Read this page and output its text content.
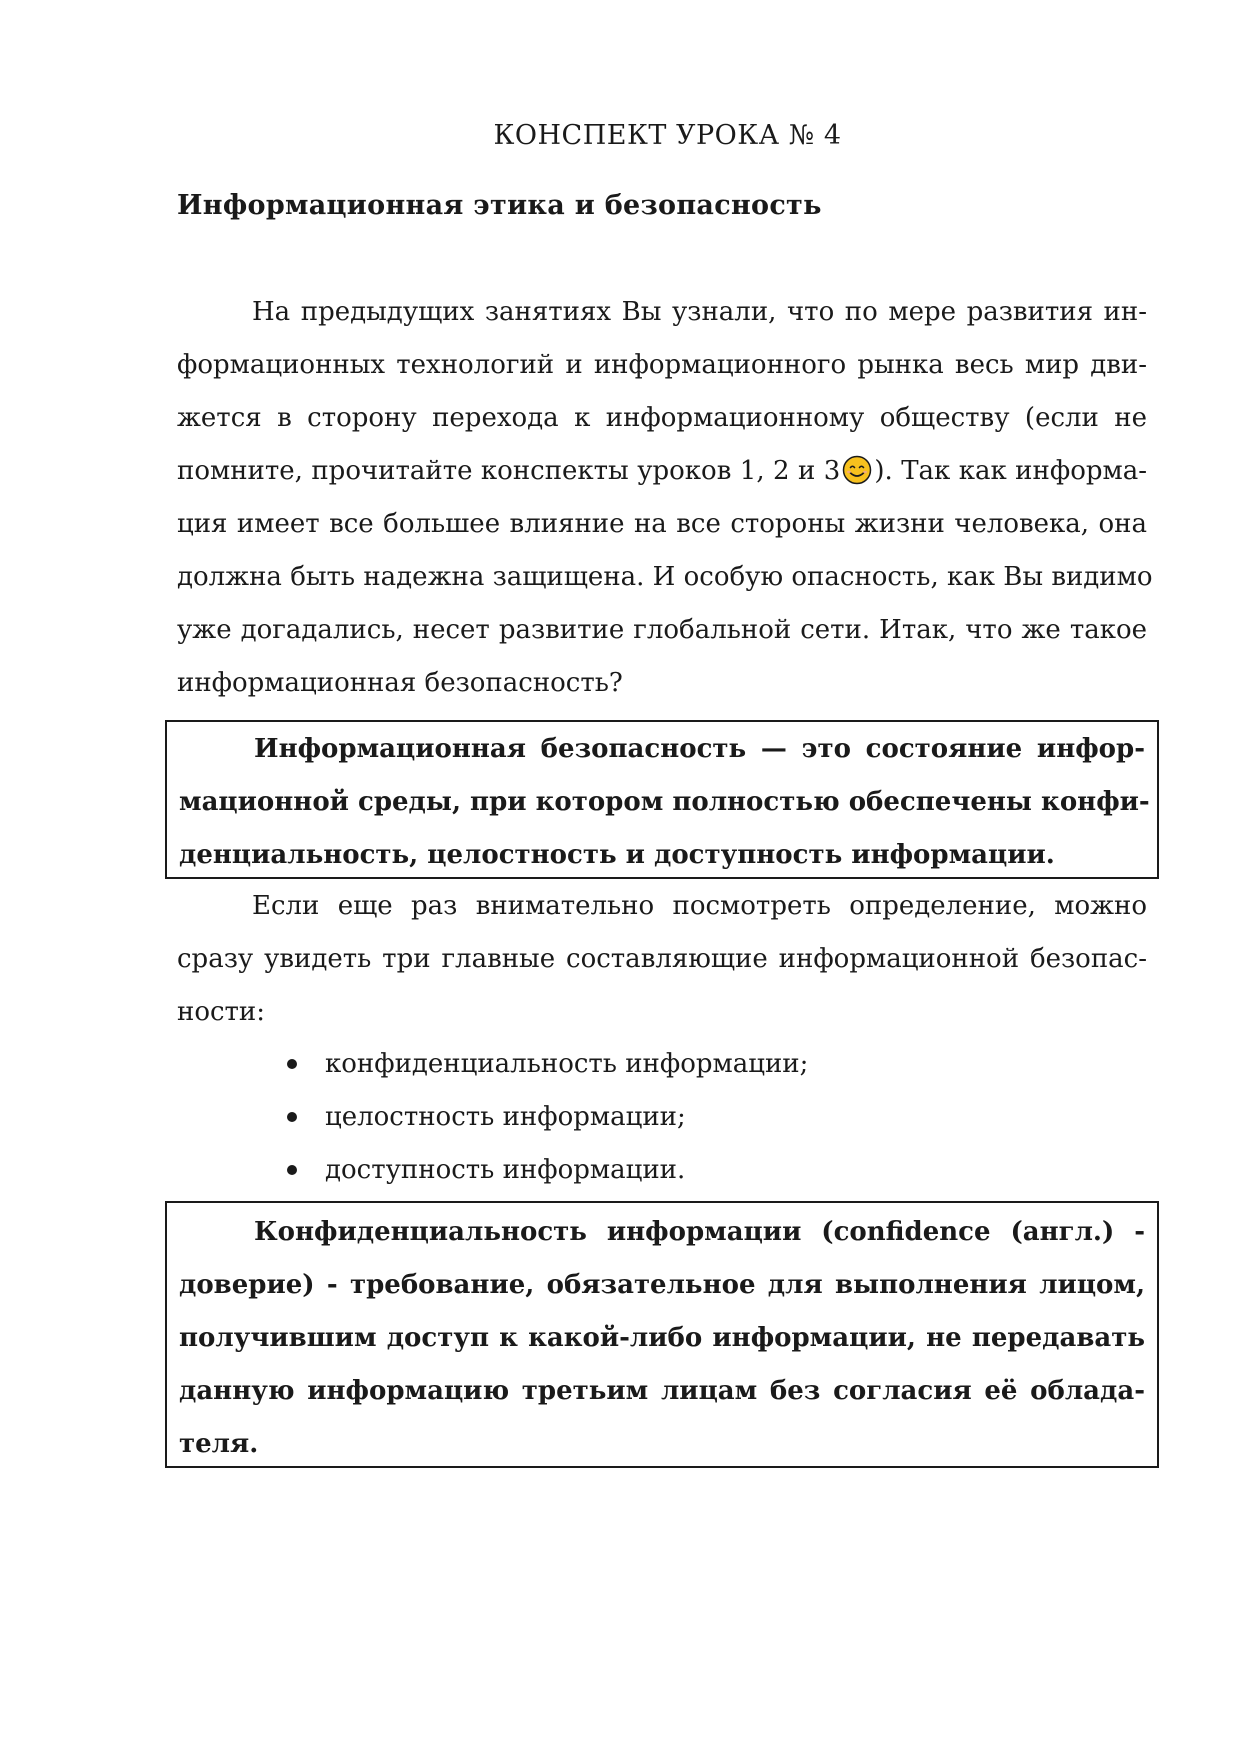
КОНСПЕКТ УРОКА № 4
Информационная этика и безопасность
На предыдущих занятиях Вы узнали, что по мере развития ин-
формационных технологий и информационного рынка весь мир дви-
жется в сторону перехода к информационному обществу (если не
помните, прочитайте конспекты уроков 1, 2 и 3 ). Так как информа-
ция имеет все большее влияние на все стороны жизни человека, она
должна быть надежна защищена. И особую опасность, как Вы видимо
уже догадались, несет развитие глобальной сети. Итак, что же такое
информационная безопасность?
Информационная безопасность — это состояние инфор-
мационной среды, при котором полностью обеспечены конфи-
денциальность, целостность и доступность информации.
Если еще раз внимательно посмотреть определение, можно
сразу увидеть три главные составляющие информационной безопас-
ности:
конфиденциальность информации;
целостность информации;
доступность информации.
Конфиденциальность информации (confidence (англ.) -
доверие) - требование, обязательное для выполнения лицом,
получившим доступ к какой-либо информации, не передавать
данную информацию третьим лицам без согласия её облада-
теля.
